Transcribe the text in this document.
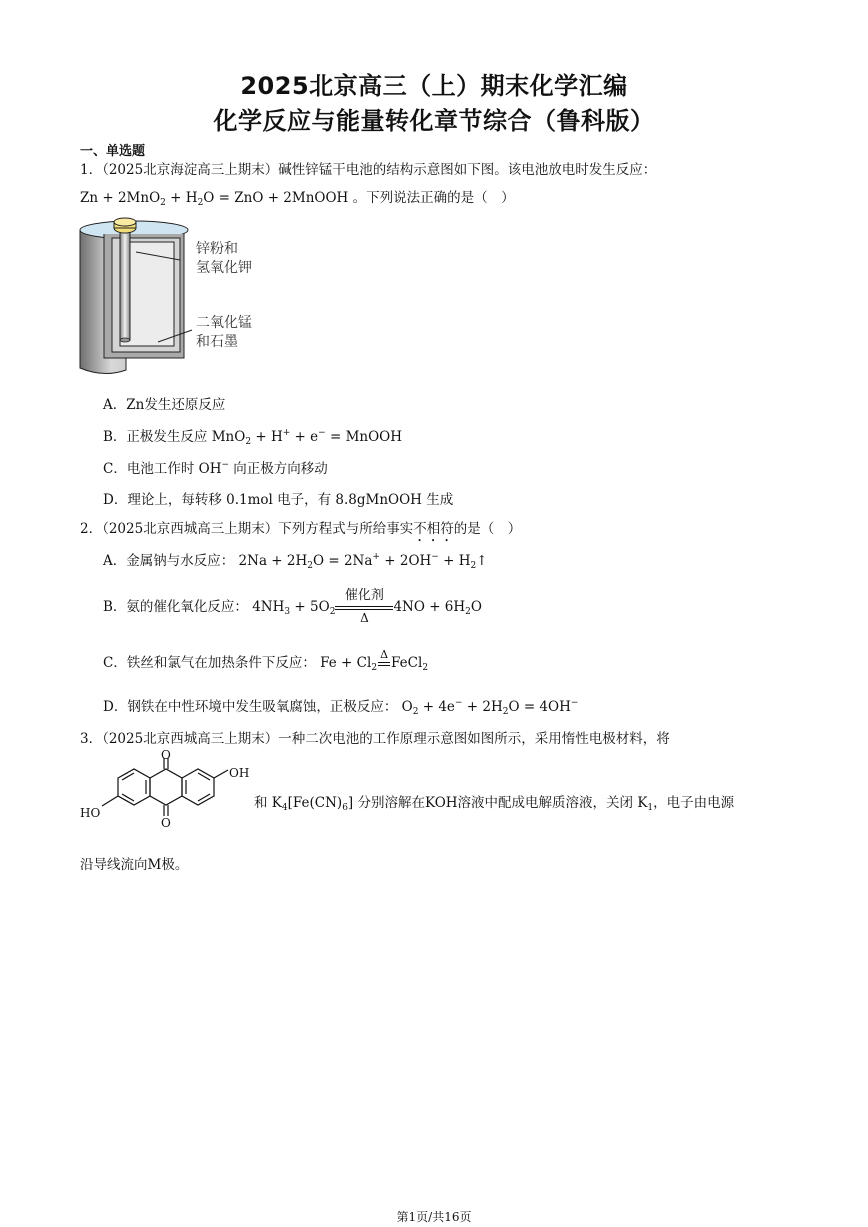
2025北京高三（上）期末化学汇编
化学反应与能量转化章节综合（鲁科版）
一、单选题
1．（2025北京海淀高三上期末）碱性锌锰干电池的结构示意图如下图。该电池放电时发生反应：
$Zn + 2MnO_2 + H_2O$ = ZnO + 2MnOOH 。下列说法正确的是（　）
锌粉和
氢氧化钾
二氧化锰
和石墨
A．Zn发生还原反应
B．正极发生反应 MnO$_2$ + H+ + e− = MnOOH
C．电池工作时 OH− 向正极方向移动
D．理论上，每转移 0.1mol 电子，有 8.8gMnOOH 生成
2．（2025北京西城高三上期末）下列方程式与所给事实不相符的是（　）
A．金属钠与水反应： $2Na + 2H_2O = 2Na^+ + 2OH^-$ + $H_2↑$
B．氨的催化氧化反应： $4NH_3 + 5O_2$
催化剂
Δ
$4NO + 6H_2O$
C．铁丝和氯气在加热条件下反应： $Fe + Cl_2$
Δ
FeCl$_2$
D．钢铁在中性环境中发生吸氧腐蚀，正极反应： $O_2 + 4e^- + 2H_2O = 4OH^-$
3．（2025北京西城高三上期末）一种二次电池的工作原理示意图如图所示，采用惰性电极材料，将
O
O
OH
HO
和 $K_4[Fe(CN)_6]$ 分别溶解在KOH溶液中配成电解质溶液，关闭 $K_1$，电子由电源
沿导线流向M极。
第1页/共16页
